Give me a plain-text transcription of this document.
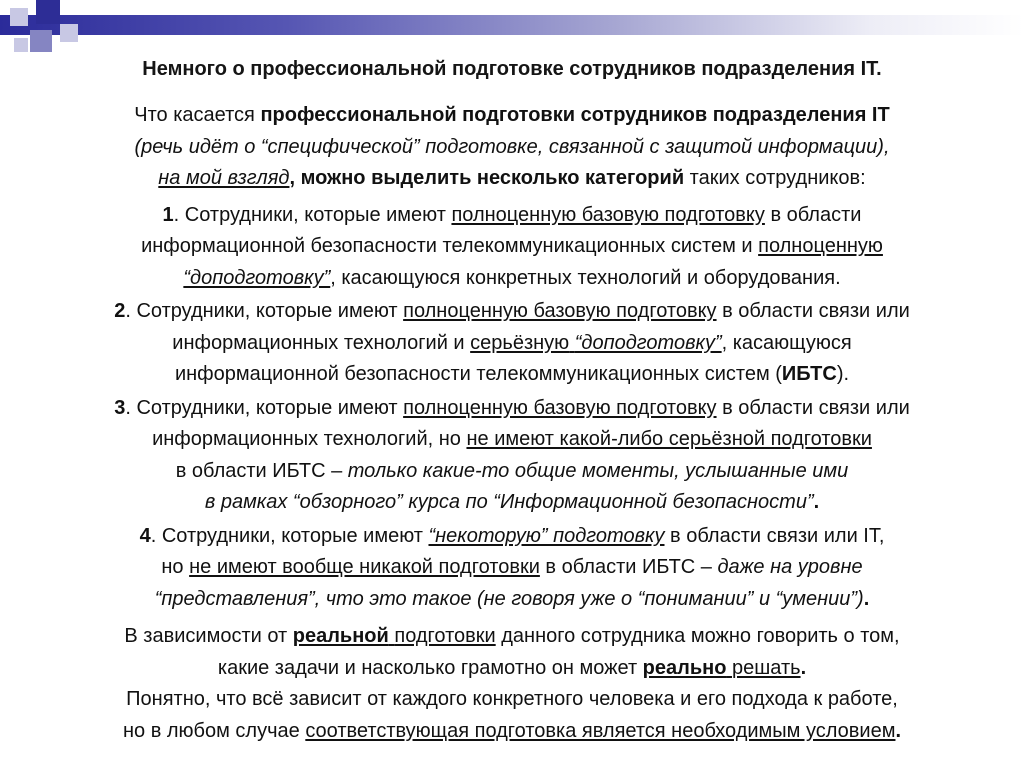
Немного о профессиональной подготовке сотрудников подразделения IT.

Что касается профессиональной подготовки сотрудников подразделения IT

(речь идёт о “специфической” подготовке, связанной с защитой информации),

на мой взгляд, можно выделить несколько категорий таких сотрудников:

1. Сотрудники, которые имеют полноценную базовую подготовку в области

информационной безопасности телекоммуникационных систем и полноценную

“доподготовку”, касающуюся конкретных технологий и оборудования.

2. Сотрудники, которые имеют полноценную базовую подготовку в области связи или

информационных технологий и серьёзную “доподготовку”, касающуюся

информационной безопасности телекоммуникационных систем (ИБТС).

3. Сотрудники, которые имеют полноценную базовую подготовку в области связи или

информационных технологий, но не имеют какой-либо серьёзной подготовки

в области ИБТС – только какие-то общие моменты, услышанные ими

в рамках “обзорного” курса по “Информационной безопасности”.

4. Сотрудники, которые имеют “некоторую” подготовку в области связи или IT,

но не имеют вообще никакой подготовки в области ИБТС – даже на уровне

“представления”, что это такое (не говоря уже о “понимании” и “умении”).

В зависимости от реальной подготовки данного сотрудника можно говорить о том,

какие задачи и насколько грамотно он может реально решать.

Понятно, что всё зависит от каждого конкретного человека и его подхода к работе,

но в любом случае соответствующая подготовка является необходимым условием.
